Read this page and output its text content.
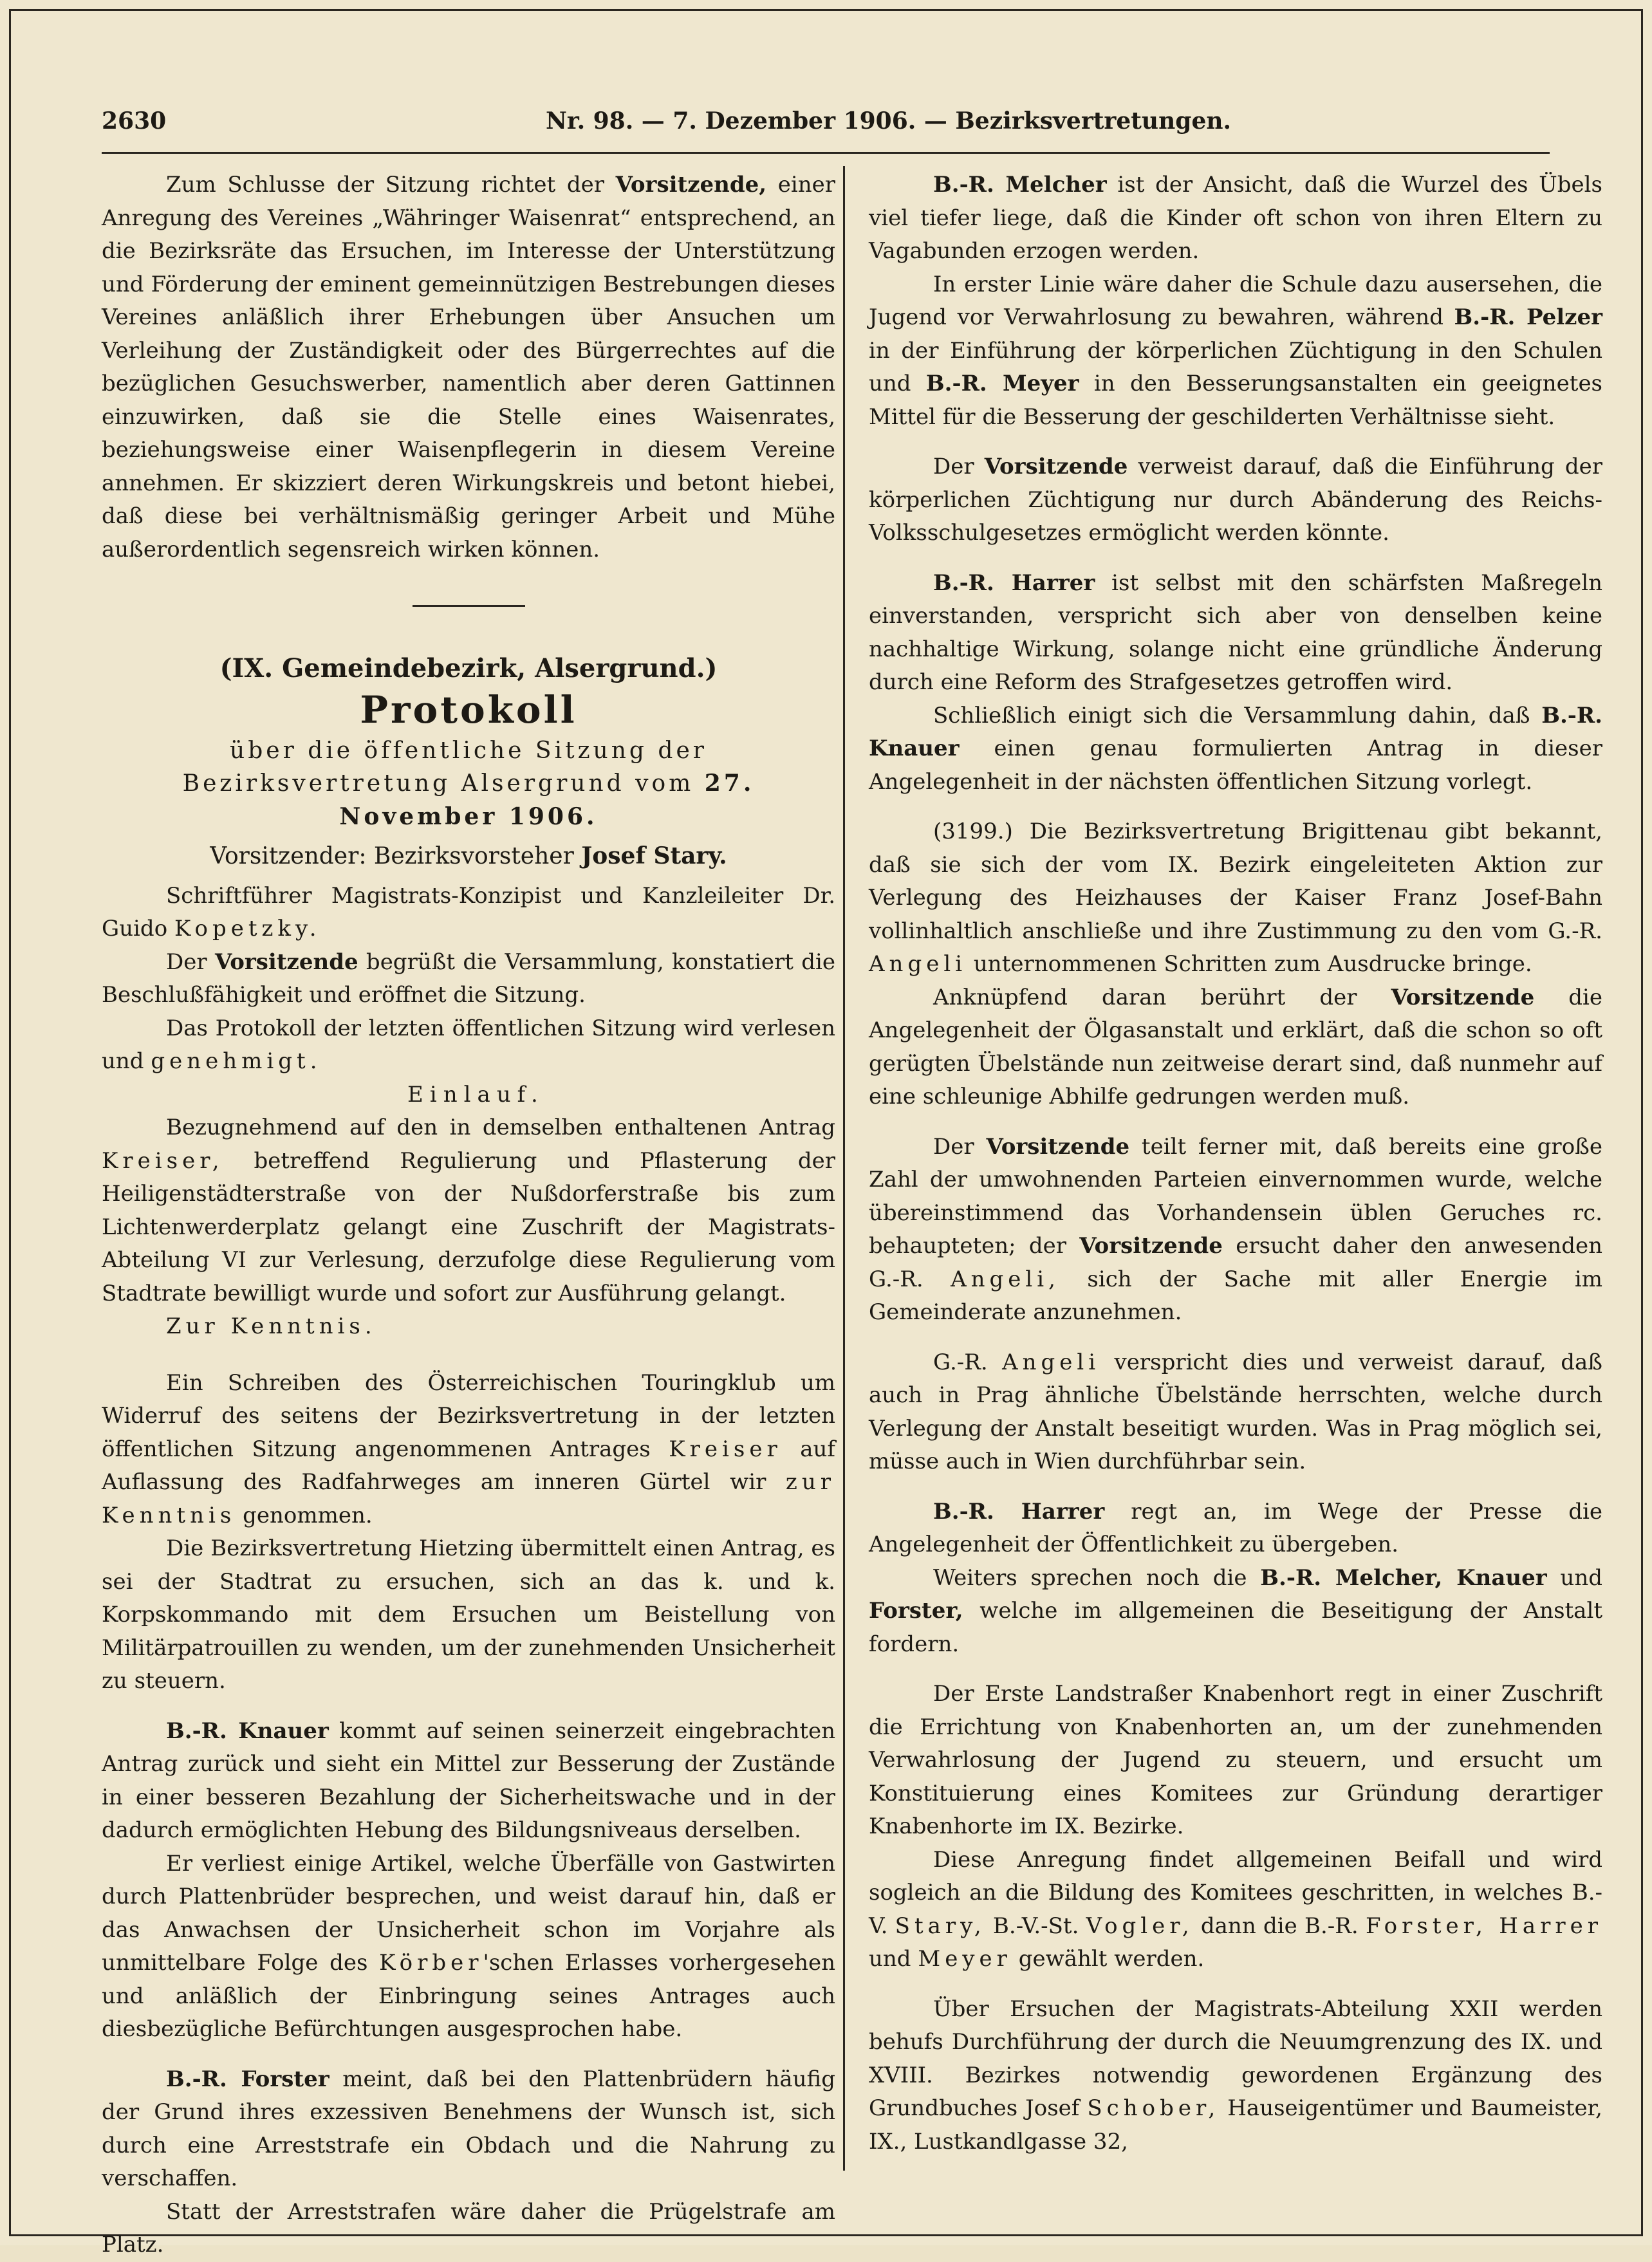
2630	Nr. 98. — 7. Dezember 1906. — Bezirksvertretungen.

Zum Schlusse der Sitzung richtet der Vorsitzende, einer Anregung des Vereines „Währinger Waisenrat“ entsprechend, an die Bezirksräte das Ersuchen, im Interesse der Unterstützung und Förderung der eminent gemeinnützigen Bestrebungen dieses Vereines anläßlich ihrer Erhebungen über Ansuchen um Verleihung der Zuständigkeit oder des Bürgerrechtes auf die bezüglichen Gesuchswerber, namentlich aber deren Gattinnen einzuwirken, daß sie die Stelle eines Waisenrates, beziehungsweise einer Waisenpflegerin in diesem Vereine annehmen. Er skizziert deren Wirkungskreis und betont hiebei, daß diese bei verhältnismäßig geringer Arbeit und Mühe außerordentlich segensreich wirken können.

(IX. Gemeindebezirk, Alsergrund.)

Protokoll

über die öffentliche Sitzung der Bezirksvertretung Alsergrund vom 27. November 1906.

Vorsitzender: Bezirksvorsteher Josef Stary.

Schriftführer Magistrats-Konzipist und Kanzleileiter Dr. Guido Kopetzky.

Der Vorsitzende begrüßt die Versammlung, konstatiert die Beschlußfähigkeit und eröffnet die Sitzung.

Das Protokoll der letzten öffentlichen Sitzung wird verlesen und genehmigt.

Einlauf.

Bezugnehmend auf den in demselben enthaltenen Antrag Kreiser, betreffend Regulierung und Pflasterung der Heiligenstädterstraße von der Nußdorferstraße bis zum Lichtenwerderplatz gelangt eine Zuschrift der Magistrats-Abteilung VI zur Verlesung, derzufolge diese Regulierung vom Stadtrate bewilligt wurde und sofort zur Ausführung gelangt.

Zur Kenntnis.

Ein Schreiben des Österreichischen Touringklub um Widerruf des seitens der Bezirksvertretung in der letzten öffentlichen Sitzung angenommenen Antrages Kreiser auf Auflassung des Radfahrweges am inneren Gürtel wir zur Kenntnis genommen.

Die Bezirksvertretung Hietzing übermittelt einen Antrag, es sei der Stadtrat zu ersuchen, sich an das k. und k. Korpskommando mit dem Ersuchen um Beistellung von Militärpatrouillen zu wenden, um der zunehmenden Unsicherheit zu steuern.

B.-R. Knauer kommt auf seinen seinerzeit eingebrachten Antrag zurück und sieht ein Mittel zur Besserung der Zustände in einer besseren Bezahlung der Sicherheitswache und in der dadurch ermöglichten Hebung des Bildungsniveaus derselben.

Er verliest einige Artikel, welche Überfälle von Gastwirten durch Plattenbrüder besprechen, und weist darauf hin, daß er das Anwachsen der Unsicherheit schon im Vorjahre als unmittelbare Folge des Körber'schen Erlasses vorhergesehen und anläßlich der Einbringung seines Antrages auch diesbezügliche Befürchtungen ausgesprochen habe.

B.-R. Forster meint, daß bei den Plattenbrüdern häufig der Grund ihres exzessiven Benehmens der Wunsch ist, sich durch eine Arreststrafe ein Obdach und die Nahrung zu verschaffen.

Statt der Arreststrafen wäre daher die Prügelstrafe am Platz.

B.-R. Melcher ist der Ansicht, daß die Wurzel des Übels viel tiefer liege, daß die Kinder oft schon von ihren Eltern zu Vagabunden erzogen werden.

In erster Linie wäre daher die Schule dazu ausersehen, die Jugend vor Verwahrlosung zu bewahren, während B.-R. Pelzer in der Einführung der körperlichen Züchtigung in den Schulen und B.-R. Meyer in den Besserungsanstalten ein geeignetes Mittel für die Besserung der geschilderten Verhältnisse sieht.

Der Vorsitzende verweist darauf, daß die Einführung der körperlichen Züchtigung nur durch Abänderung des Reichs-Volksschulgesetzes ermöglicht werden könnte.

B.-R. Harrer ist selbst mit den schärfsten Maßregeln einverstanden, verspricht sich aber von denselben keine nachhaltige Wirkung, solange nicht eine gründliche Änderung durch eine Reform des Strafgesetzes getroffen wird.

Schließlich einigt sich die Versammlung dahin, daß B.-R. Knauer einen genau formulierten Antrag in dieser Angelegenheit in der nächsten öffentlichen Sitzung vorlegt.

(3199.) Die Bezirksvertretung Brigittenau gibt bekannt, daß sie sich der vom IX. Bezirk eingeleiteten Aktion zur Verlegung des Heizhauses der Kaiser Franz Josef-Bahn vollinhaltlich anschließe und ihre Zustimmung zu den vom G.-R. Angeli unternommenen Schritten zum Ausdrucke bringe.

Anknüpfend daran berührt der Vorsitzende die Angelegenheit der Ölgasanstalt und erklärt, daß die schon so oft gerügten Übelstände nun zeitweise derart sind, daß nunmehr auf eine schleunige Abhilfe gedrungen werden muß.

Der Vorsitzende teilt ferner mit, daß bereits eine große Zahl der umwohnenden Parteien einvernommen wurde, welche übereinstimmend das Vorhandensein üblen Geruches rc. behaupteten; der Vorsitzende ersucht daher den anwesenden G.-R. Angeli, sich der Sache mit aller Energie im Gemeinderate anzunehmen.

G.-R. Angeli verspricht dies und verweist darauf, daß auch in Prag ähnliche Übelstände herrschten, welche durch Verlegung der Anstalt beseitigt wurden. Was in Prag möglich sei, müsse auch in Wien durchführbar sein.

B.-R. Harrer regt an, im Wege der Presse die Angelegenheit der Öffentlichkeit zu übergeben.

Weiters sprechen noch die B.-R. Melcher, Knauer und Forster, welche im allgemeinen die Beseitigung der Anstalt fordern.

Der Erste Landstraßer Knabenhort regt in einer Zuschrift die Errichtung von Knabenhorten an, um der zunehmenden Verwahrlosung der Jugend zu steuern, und ersucht um Konstituierung eines Komitees zur Gründung derartiger Knabenhorte im IX. Bezirke.

Diese Anregung findet allgemeinen Beifall und wird sogleich an die Bildung des Komitees geschritten, in welches B.-V. Stary, B.-V.-St. Vogler, dann die B.-R. Forster, Harrer und Meyer gewählt werden.

Über Ersuchen der Magistrats-Abteilung XXII werden behufs Durchführung der durch die Neuumgrenzung des IX. und XVIII. Bezirkes notwendig gewordenen Ergänzung des Grundbuches Josef Schober, Hauseigentümer und Baumeister, IX., Lustkandlgasse 32,
